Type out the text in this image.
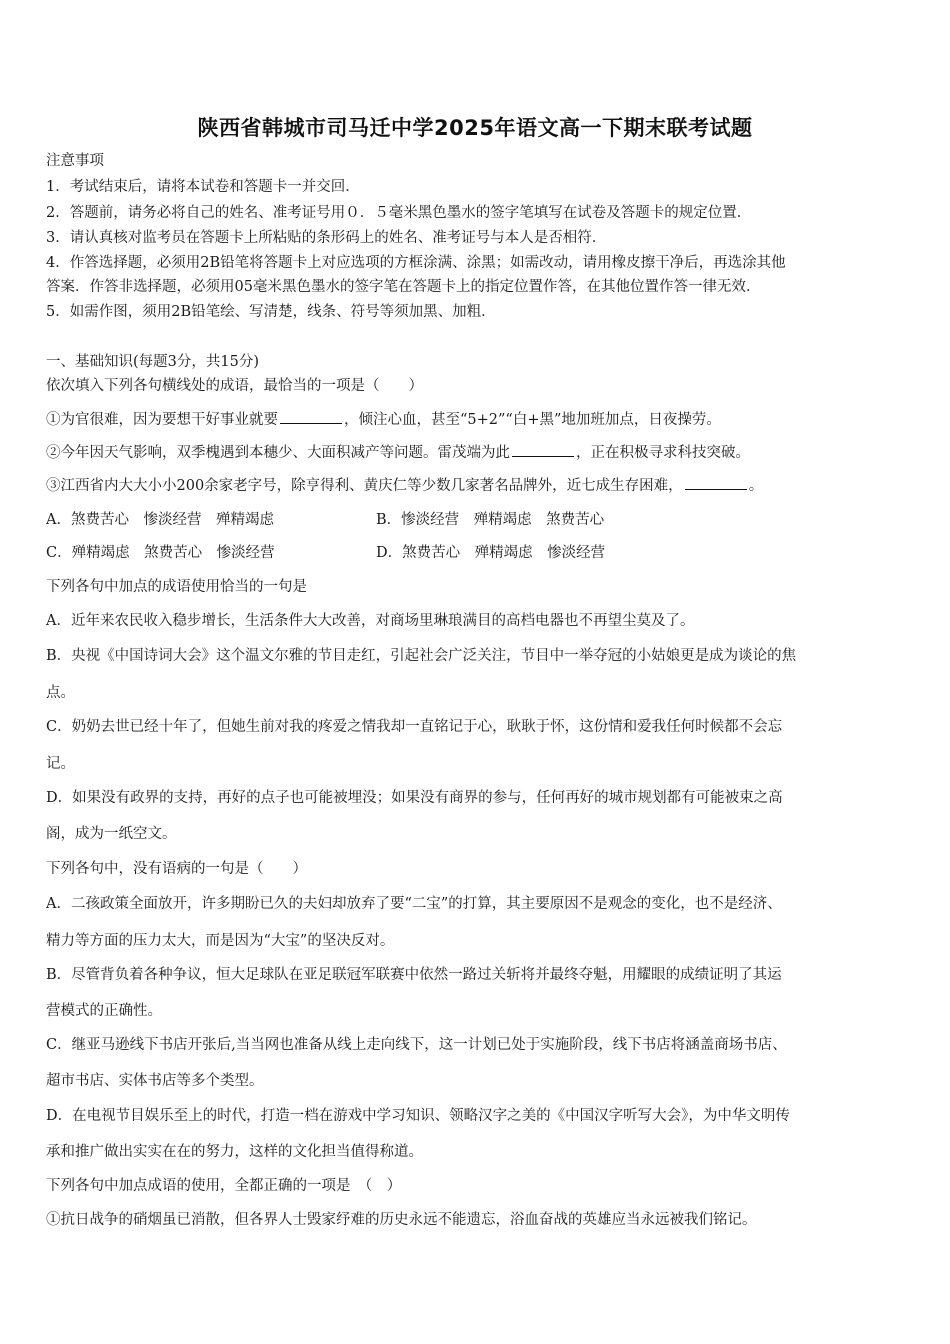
陕西省韩城市司马迁中学2025年语文高一下期末联考试题
注意事项
1．考试结束后，请将本试卷和答题卡一并交回．
2．答题前，请务必将自己的姓名、准考证号用０．５毫米黑色墨水的签字笔填写在试卷及答题卡的规定位置．
3．请认真核对监考员在答题卡上所粘贴的条形码上的姓名、准考证号与本人是否相符．
4．作答选择题，必须用2B铅笔将答题卡上对应选项的方框涂满、涂黑；如需改动，请用橡皮擦干净后，再选涂其他
答案．作答非选择题，必须用05毫米黑色墨水的签字笔在答题卡上的指定位置作答，在其他位置作答一律无效．
5．如需作图，须用2B铅笔绘、写清楚，线条、符号等须加黑、加粗．
一、基础知识(每题3分，共15分)
依次填入下列各句横线处的成语，最恰当的一项是（　　）
①为官很难，因为要想干好事业就要	，倾注心血，甚至“5+2”“白+黑”地加班加点，日夜操劳。
②今年因天气影响，双季槐遇到本穗少、大面积减产等问题。雷茂端为此	，正在积极寻求科技突破。
③江西省内大大小小200余家老字号，除亨得利、黄庆仁等少数几家著名品牌外，近七成生存困难，	。
A．煞费苦心　惨淡经营　殚精竭虑	B．惨淡经营　殚精竭虑　煞费苦心
C．殚精竭虑　煞费苦心　惨淡经营	D．煞费苦心　殚精竭虑　惨淡经营
下列各句中加点的成语使用恰当的一句是
A．近年来农民收入稳步增长，生活条件大大改善，对商场里琳琅满目的高档电器也不再望尘莫及了。
B．央视《中国诗词大会》这个温文尔雅的节目走红，引起社会广泛关注，节目中一举夺冠的小姑娘更是成为谈论的焦
点。
C．奶奶去世已经十年了，但她生前对我的疼爱之情我却一直铭记于心，耿耿于怀，这份情和爱我任何时候都不会忘
记。
D．如果没有政界的支持，再好的点子也可能被埋没；如果没有商界的参与，任何再好的城市规划都有可能被束之高
阁，成为一纸空文。
下列各句中，没有语病的一句是（　　）
A．二孩政策全面放开，许多期盼已久的夫妇却放弃了要“二宝”的打算，其主要原因不是观念的变化，也不是经济、
精力等方面的压力太大，而是因为“大宝”的坚决反对。
B．尽管背负着各种争议，恒大足球队在亚足联冠军联赛中依然一路过关斩将并最终夺魁，用耀眼的成绩证明了其运
营模式的正确性。
C．继亚马逊线下书店开张后,当当网也准备从线上走向线下，这一计划已处于实施阶段，线下书店将涵盖商场书店、
超市书店、实体书店等多个类型。
D．在电视节目娱乐至上的时代，打造一档在游戏中学习知识、领略汉字之美的《中国汉字听写大会》，为中华文明传
承和推广做出实实在在的努力，这样的文化担当值得称道。
下列各句中加点成语的使用，全都正确的一项是　（　）
①抗日战争的硝烟虽已消散，但各界人士毁家纾难的历史永远不能遗忘，浴血奋战的英雄应当永远被我们铭记。
